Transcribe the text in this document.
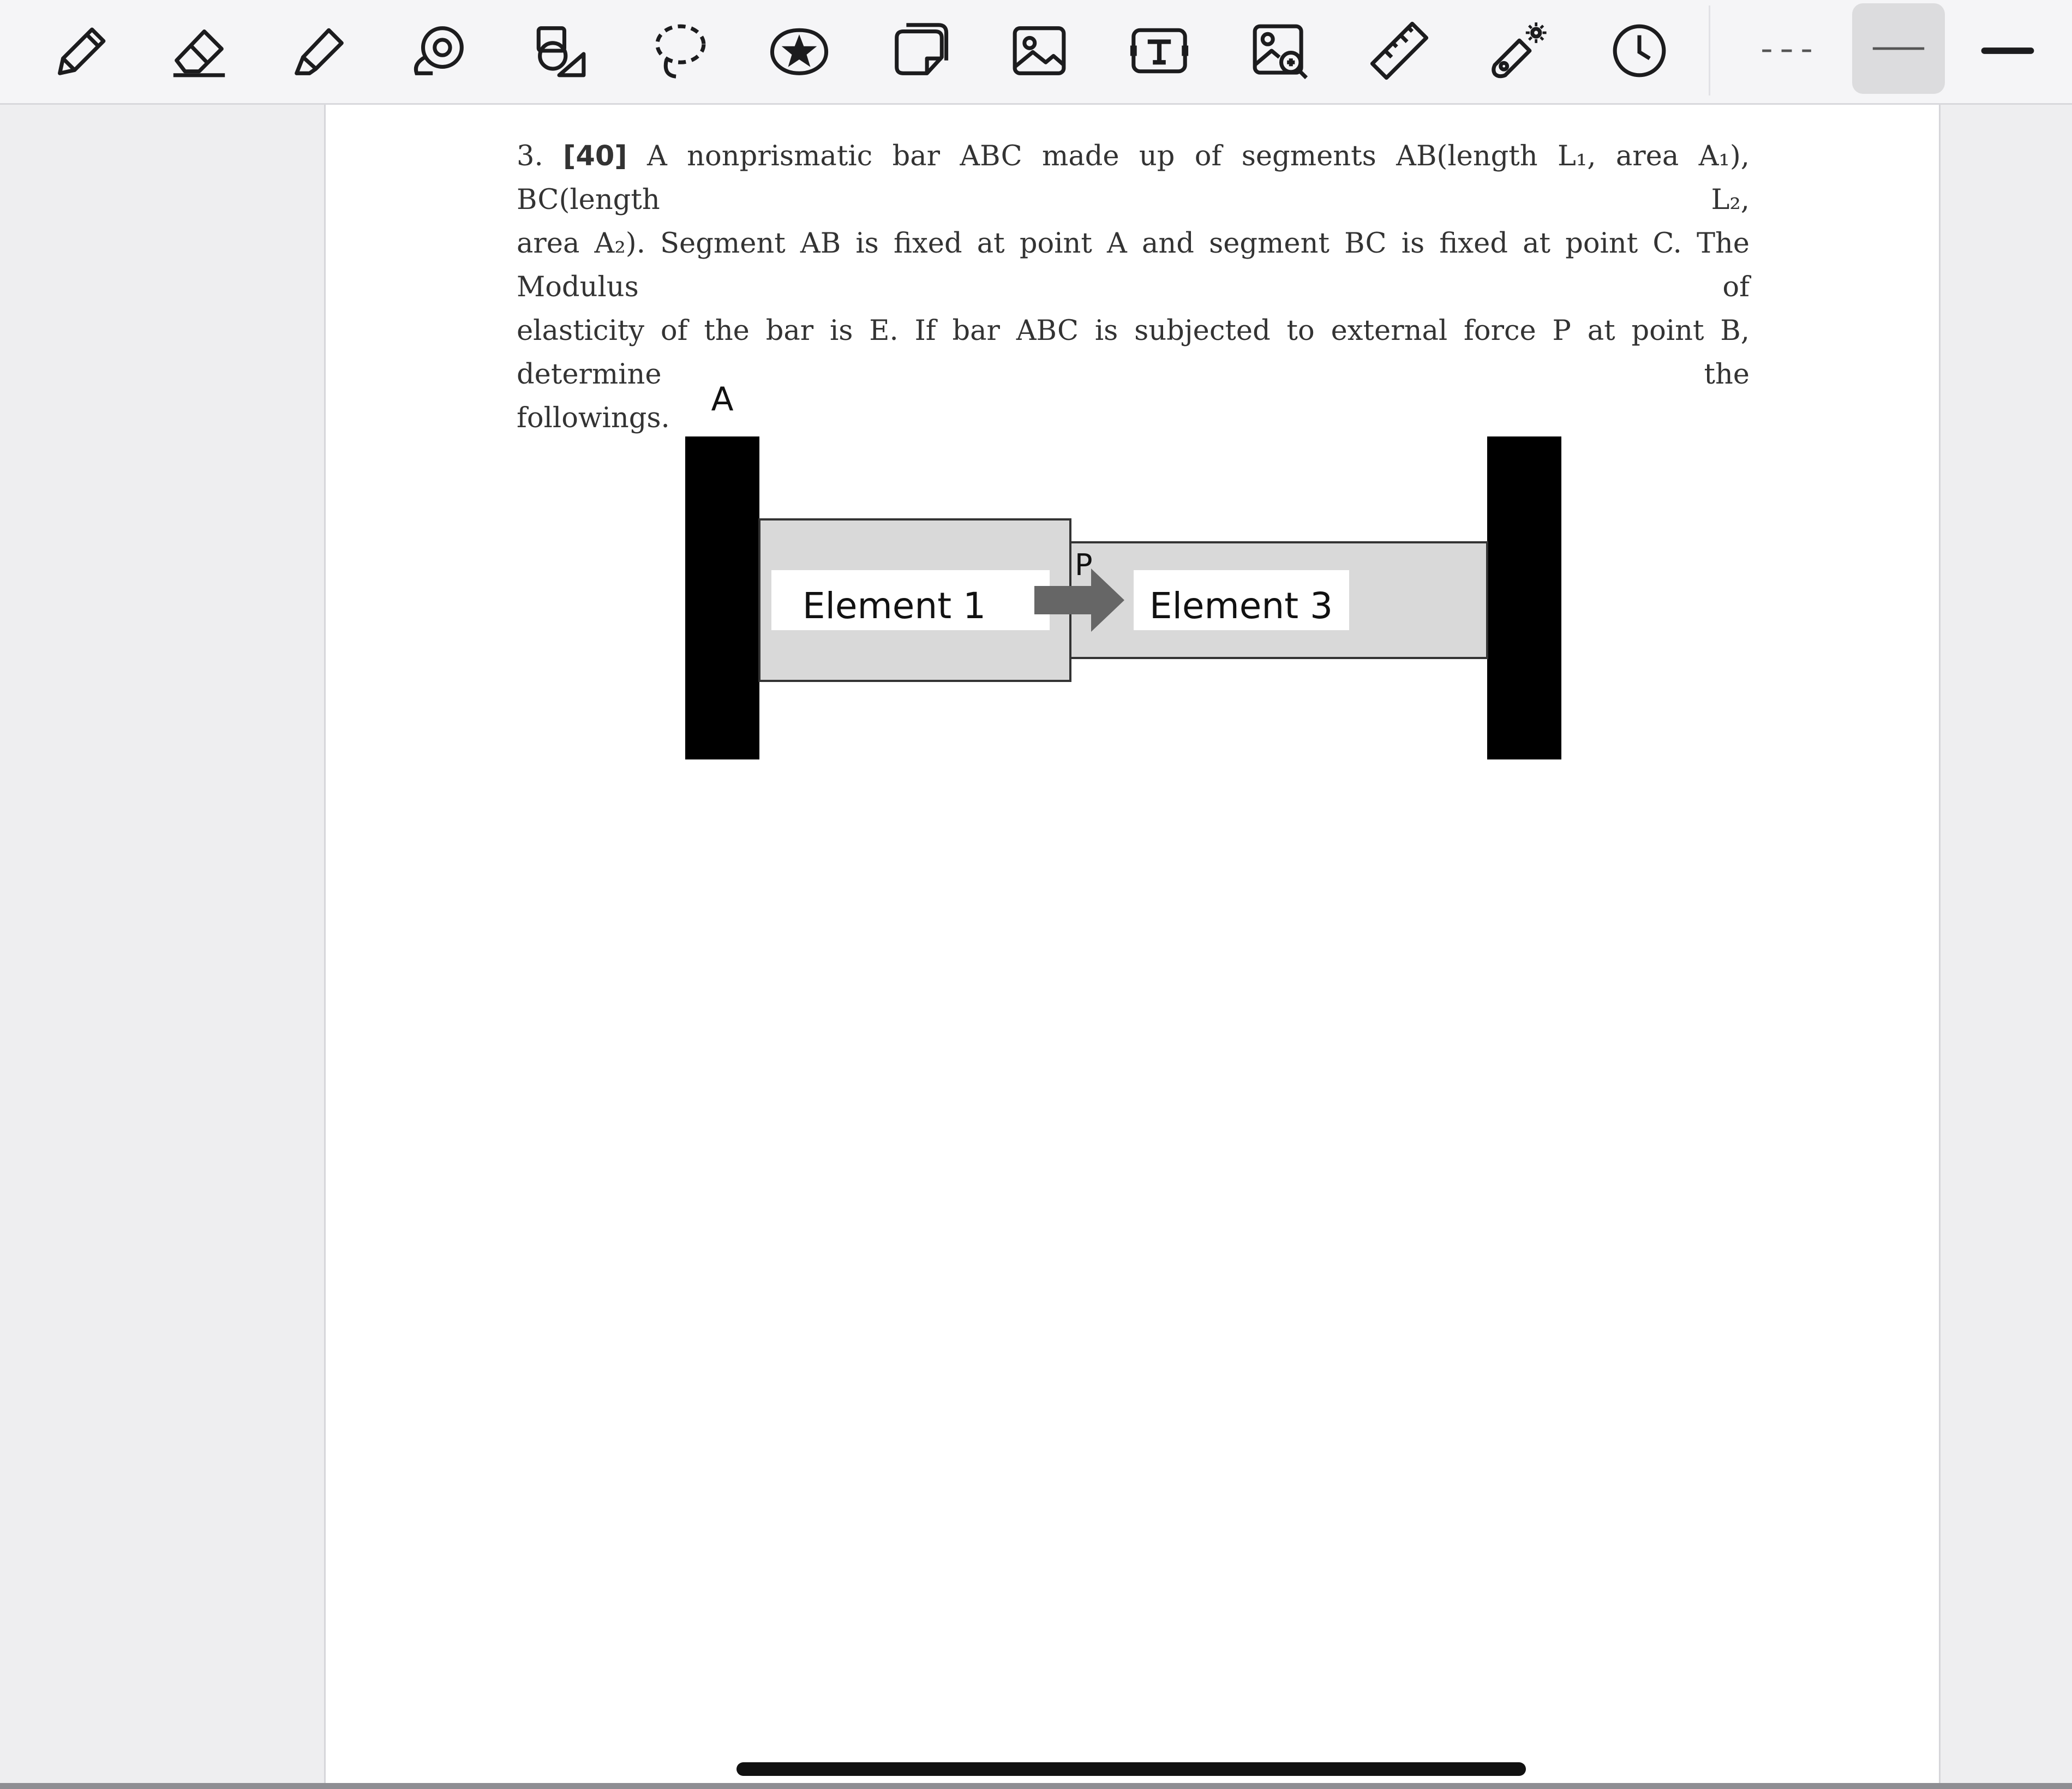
3. [40] A nonprismatic bar ABC made up of segments AB(length L₁, area A₁), BC(length L₂,
area A₂). Segment AB is fixed at point A and segment BC is fixed at point C. The Modulus of
elasticity of the bar is E. If bar ABC is subjected to external force P at point B, determine the
followings.
Element 1	Element 3
P
A
